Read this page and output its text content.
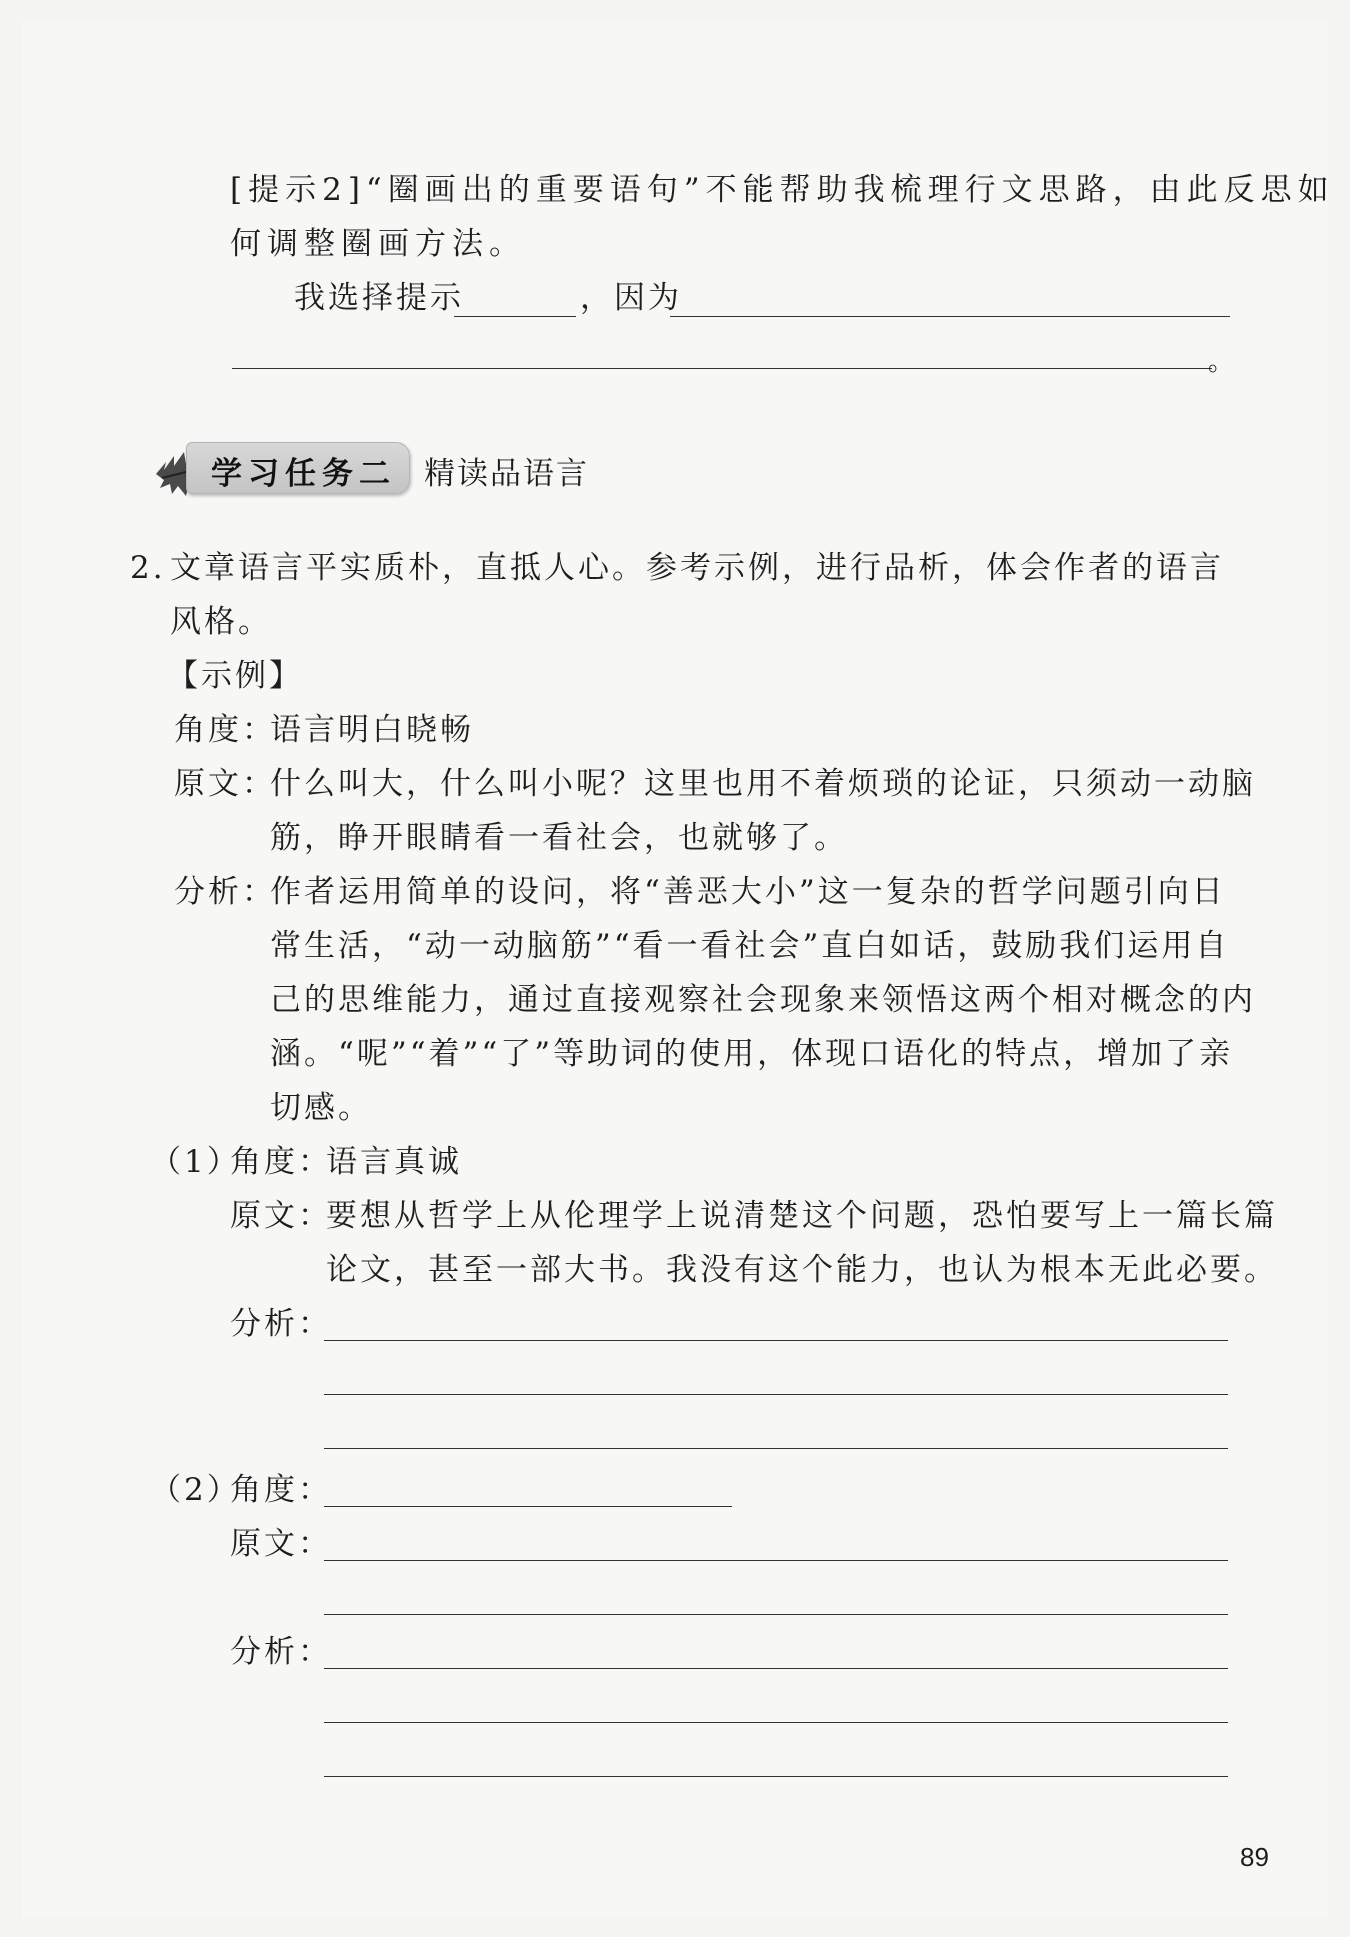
[提示2]“圈画出的重要语句”不能帮助我梳理行文思路，由此反思如
何调整圈画方法。
我选择提示	，因为
。
学习任务二 精读品语言
2. 文章语言平实质朴，直抵人心。参考示例，进行品析，体会作者的语言
风格。
【示例】
角度：
语言明白晓畅
原文：
什么叫大，什么叫小呢？这里也用不着烦琐的论证，只须动一动脑
筋，睁开眼睛看一看社会，也就够了。
分析：
作者运用简单的设问，将“善恶大小”这一复杂的哲学问题引向日
常生活，“动一动脑筋”“看一看社会”直白如话，鼓励我们运用自
己的思维能力，通过直接观察社会现象来领悟这两个相对概念的内
涵。“呢”“着”“了”等助词的使用，体现口语化的特点，增加了亲
切感。
（1）
角度：
语言真诚
原文：
要想从哲学上从伦理学上说清楚这个问题，恐怕要写上一篇长篇
论文，甚至一部大书。我没有这个能力，也认为根本无此必要。
分析：
（2）
角度：
原文：
分析：
89
